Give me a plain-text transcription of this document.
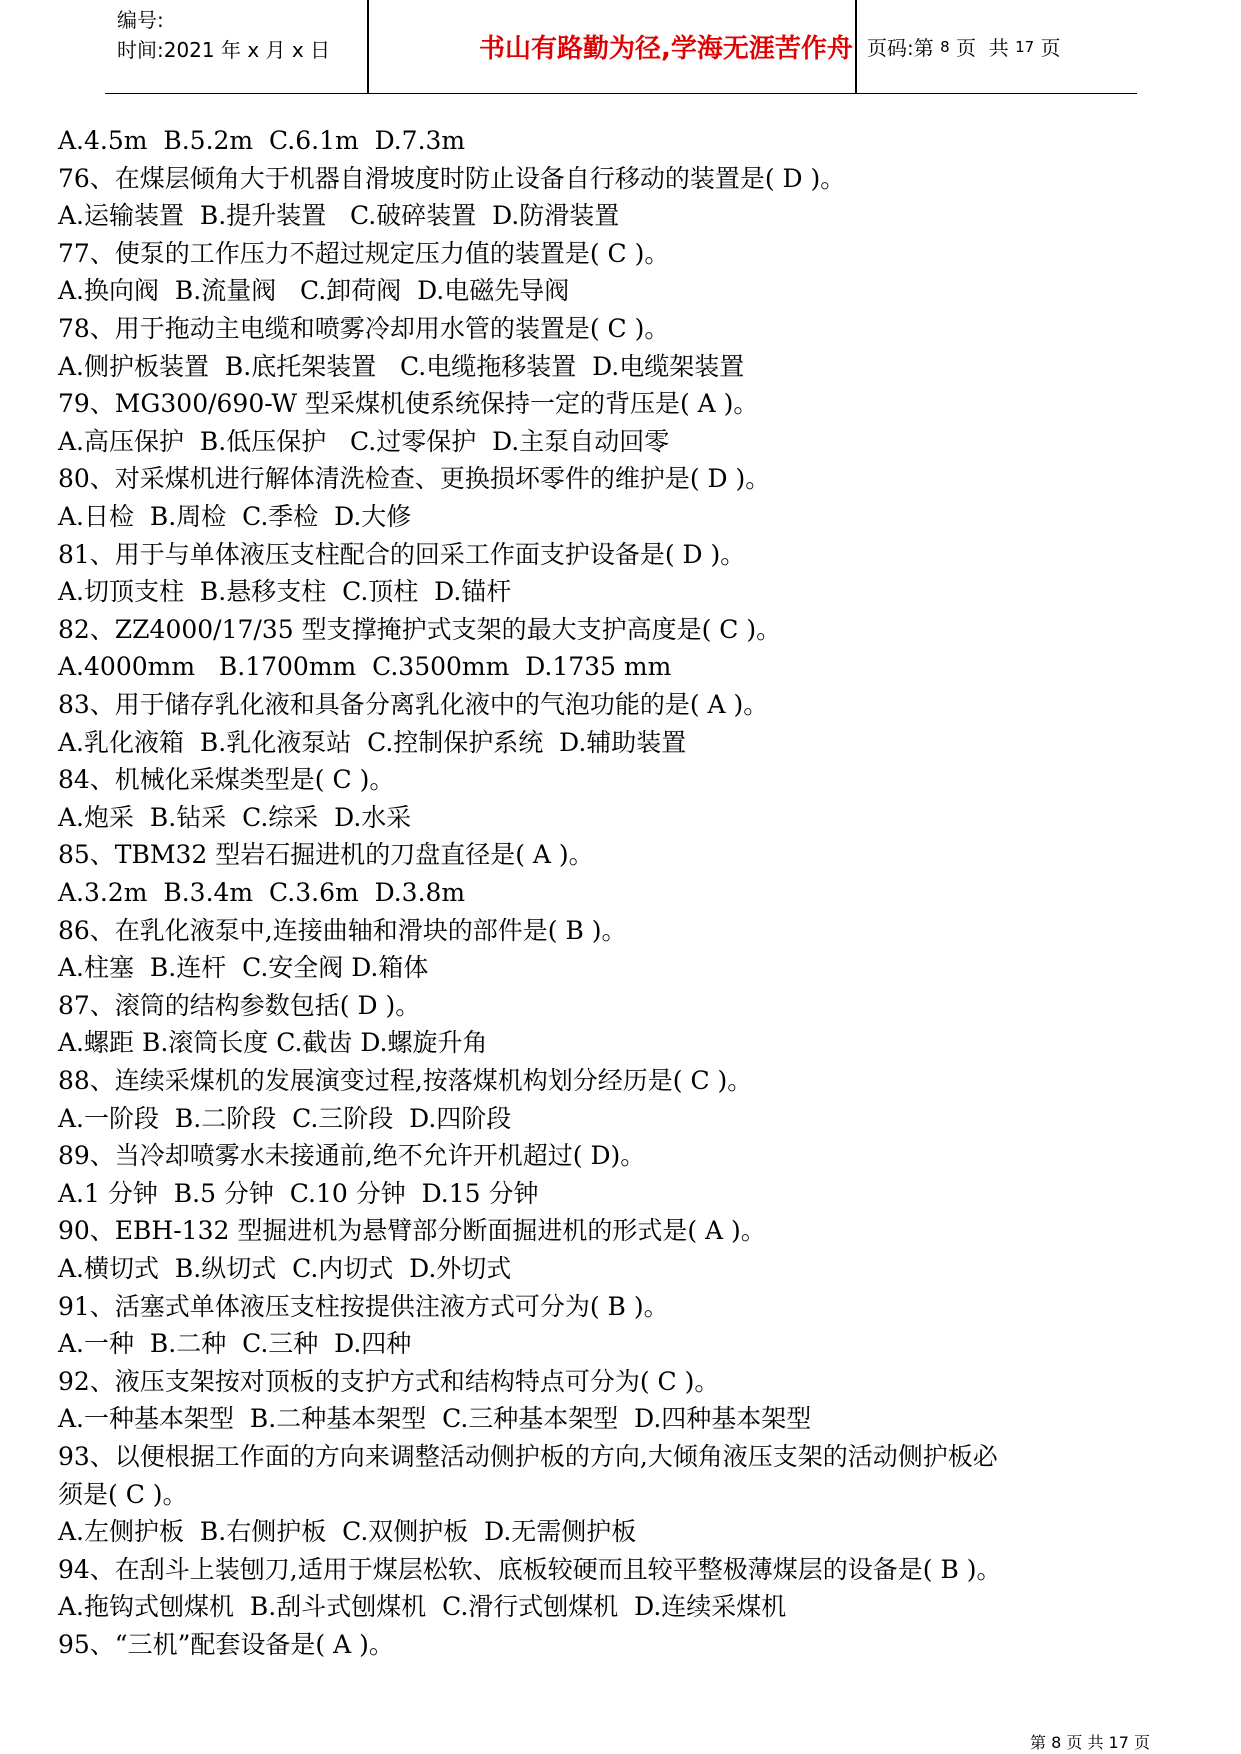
编号:
时间:2021 年 x 月 x 日	书山有路勤为径,学海无涯苦作舟 页码:第 8 页  共 17 页
A.4.5m  B.5.2m  C.6.1m  D.7.3m
76、在煤层倾角大于机器自滑坡度时防止设备自行移动的装置是( D )。
A.运输装置  B.提升装置   C.破碎装置  D.防滑装置
77、使泵的工作压力不超过规定压力值的装置是( C )。
A.换向阀  B.流量阀   C.卸荷阀  D.电磁先导阀
78、用于拖动主电缆和喷雾冷却用水管的装置是( C )。
A.侧护板装置  B.底托架装置   C.电缆拖移装置  D.电缆架装置
79、MG300/690-W 型采煤机使系统保持一定的背压是( A )。
A.高压保护  B.低压保护   C.过零保护  D.主泵自动回零
80、对采煤机进行解体清洗检查、更换损坏零件的维护是( D )。
A.日检  B.周检  C.季检  D.大修
81、用于与单体液压支柱配合的回采工作面支护设备是( D )。
A.切顶支柱  B.悬移支柱  C.顶柱  D.锚杆
82、ZZ4000/17/35 型支撑掩护式支架的最大支护高度是( C )。
A.4000mm   B.1700mm  C.3500mm  D.1735 mm
83、用于储存乳化液和具备分离乳化液中的气泡功能的是( A )。
A.乳化液箱  B.乳化液泵站  C.控制保护系统  D.辅助装置
84、机械化采煤类型是( C )。
A.炮采  B.钻采  C.综采  D.水采
85、TBM32 型岩石掘进机的刀盘直径是( A )。
A.3.2m  B.3.4m  C.3.6m  D.3.8m
86、在乳化液泵中,连接曲轴和滑块的部件是( B )。
A.柱塞  B.连杆  C.安全阀 D.箱体
87、滚筒的结构参数包括( D )。
A.螺距 B.滚筒长度 C.截齿 D.螺旋升角
88、连续采煤机的发展演变过程,按落煤机构划分经历是( C )。
A.一阶段  B.二阶段  C.三阶段  D.四阶段
89、当冷却喷雾水未接通前,绝不允许开机超过( D)。
A.1 分钟  B.5 分钟  C.10 分钟  D.15 分钟
90、EBH-132 型掘进机为悬臂部分断面掘进机的形式是( A )。
A.横切式  B.纵切式  C.内切式  D.外切式
91、活塞式单体液压支柱按提供注液方式可分为( B )。
A.一种  B.二种  C.三种  D.四种
92、液压支架按对顶板的支护方式和结构特点可分为( C )。
A.一种基本架型  B.二种基本架型  C.三种基本架型  D.四种基本架型
93、以便根据工作面的方向来调整活动侧护板的方向,大倾角液压支架的活动侧护板必
须是( C )。
A.左侧护板  B.右侧护板  C.双侧护板  D.无需侧护板
94、在刮斗上装刨刀,适用于煤层松软、底板较硬而且较平整极薄煤层的设备是( B )。
A.拖钩式刨煤机  B.刮斗式刨煤机  C.滑行式刨煤机  D.连续采煤机
95、“三机”配套设备是( A )。
第 8 页 共 17 页
